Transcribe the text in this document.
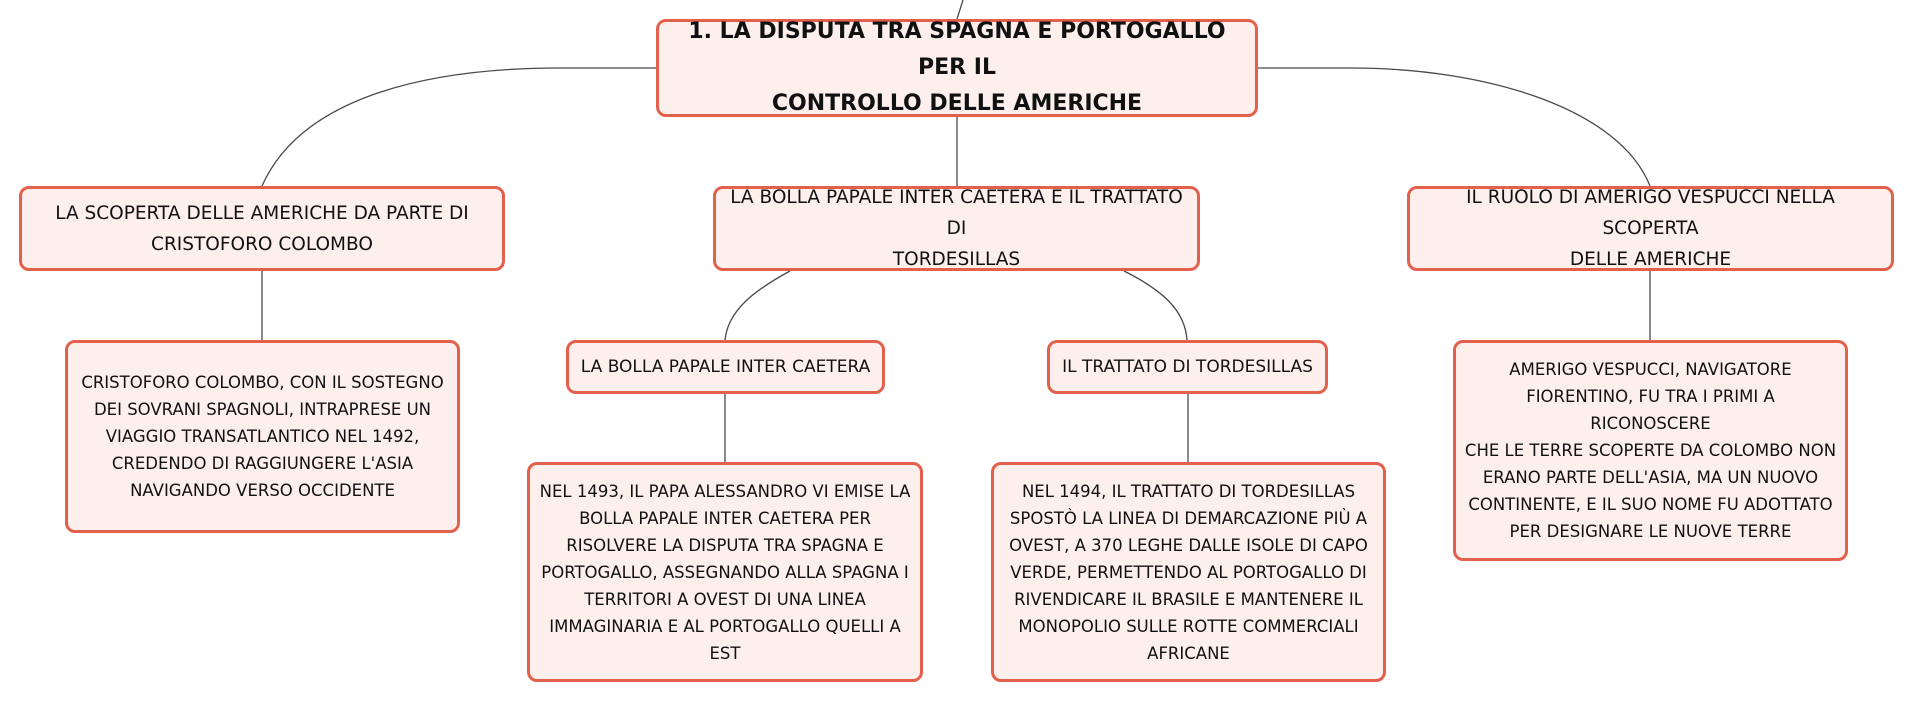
1. LA DISPUTA TRA SPAGNA E PORTOGALLO PER IL
CONTROLLO DELLE AMERICHE
LA SCOPERTA DELLE AMERICHE DA PARTE DI
CRISTOFORO COLOMBO
LA BOLLA PAPALE INTER CAETERA E IL TRATTATO DI
TORDESILLAS
IL RUOLO DI AMERIGO VESPUCCI NELLA SCOPERTA
DELLE AMERICHE
LA BOLLA PAPALE INTER CAETERA	IL TRATTATO DI TORDESILLAS
CRISTOFORO COLOMBO, CON IL SOSTEGNO
DEI SOVRANI SPAGNOLI, INTRAPRESE UN
VIAGGIO TRANSATLANTICO NEL 1492,
CREDENDO DI RAGGIUNGERE L'ASIA
NAVIGANDO VERSO OCCIDENTE	NEL 1493, IL PAPA ALESSANDRO VI EMISE LA
BOLLA PAPALE INTER CAETERA PER
RISOLVERE LA DISPUTA TRA SPAGNA E
PORTOGALLO, ASSEGNANDO ALLA SPAGNA I
TERRITORI A OVEST DI UNA LINEA
IMMAGINARIA E AL PORTOGALLO QUELLI A
EST
NEL 1494, IL TRATTATO DI TORDESILLAS
SPOSTÒ LA LINEA DI DEMARCAZIONE PIÙ A
OVEST, A 370 LEGHE DALLE ISOLE DI CAPO
VERDE, PERMETTENDO AL PORTOGALLO DI
RIVENDICARE IL BRASILE E MANTENERE IL
MONOPOLIO SULLE ROTTE COMMERCIALI
AFRICANE
AMERIGO VESPUCCI, NAVIGATORE
FIORENTINO, FU TRA I PRIMI A RICONOSCERE
CHE LE TERRE SCOPERTE DA COLOMBO NON
ERANO PARTE DELL'ASIA, MA UN NUOVO
CONTINENTE, E IL SUO NOME FU ADOTTATO
PER DESIGNARE LE NUOVE TERRE
